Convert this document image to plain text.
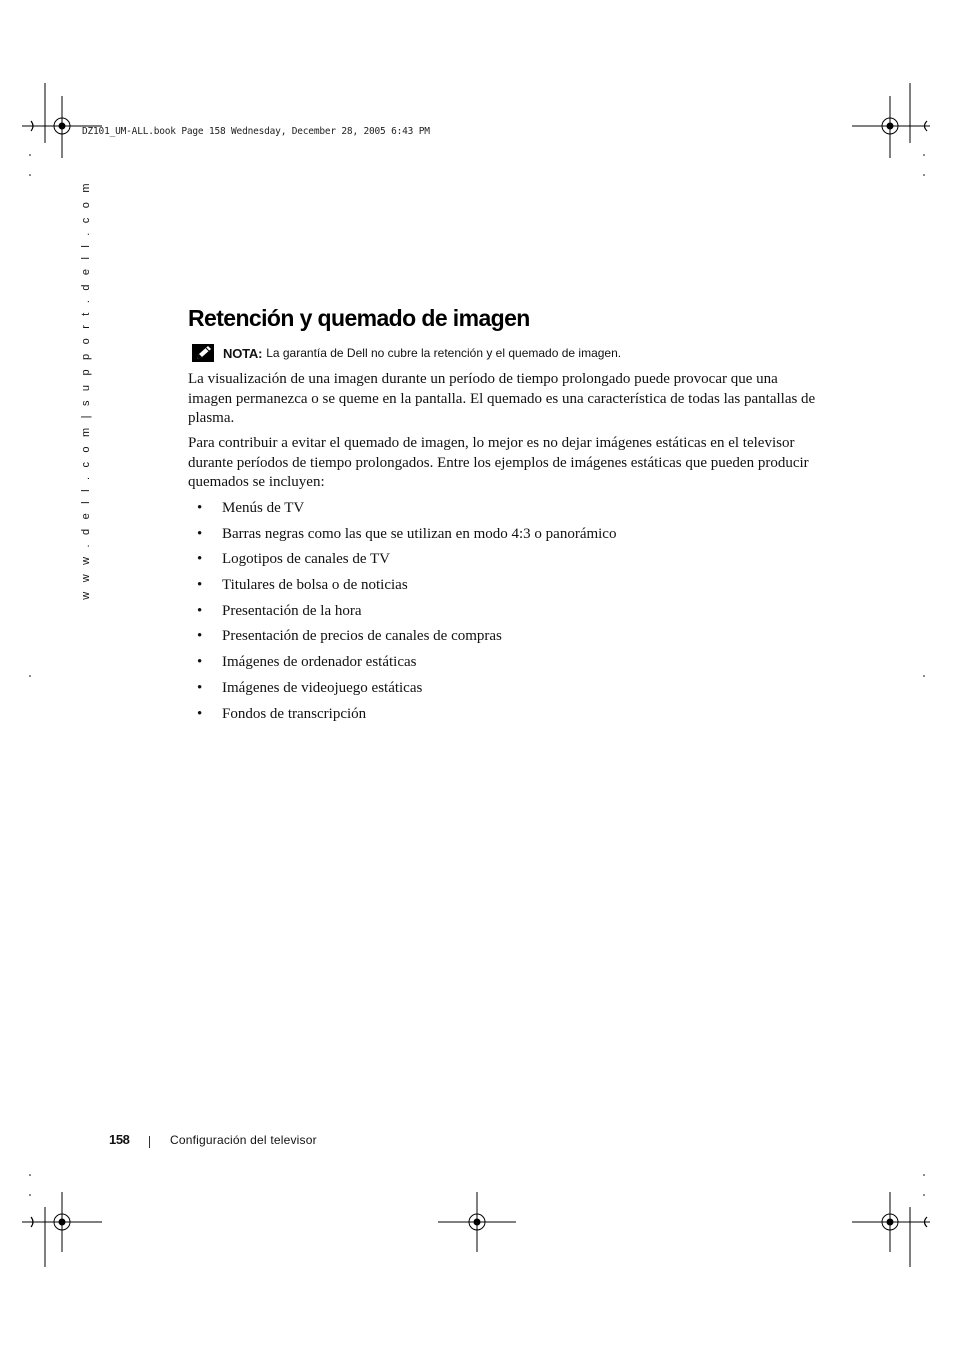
DZ101_UM-ALL.book Page 158 Wednesday, December 28, 2005 6:43 PM
w w w . d e l l . c o m | s u p p o r t . d e l l . c o m	Retención y quemado de imagen
NOTA: La garantía de Dell no cubre la retención y el quemado de imagen.

La visualización de una imagen durante un período de tiempo prolongado puede provocar que una imagen permanezca o se queme en la pantalla. El quemado es una característica de todas las pantallas de plasma.

Para contribuir a evitar el quemado de imagen, lo mejor es no dejar imágenes estáticas en el televisor durante períodos de tiempo prolongados. Entre los ejemplos de imágenes estáticas que pueden producir quemados se incluyen:

• Menús de TV
• Barras negras como las que se utilizan en modo 4:3 o panorámico
• Logotipos de canales de TV
• Titulares de bolsa o de noticias
• Presentación de la hora
• Presentación de precios de canales de compras
• Imágenes de ordenador estáticas
• Imágenes de videojuego estáticas
• Fondos de transcripción
158	Configuración del televisor
